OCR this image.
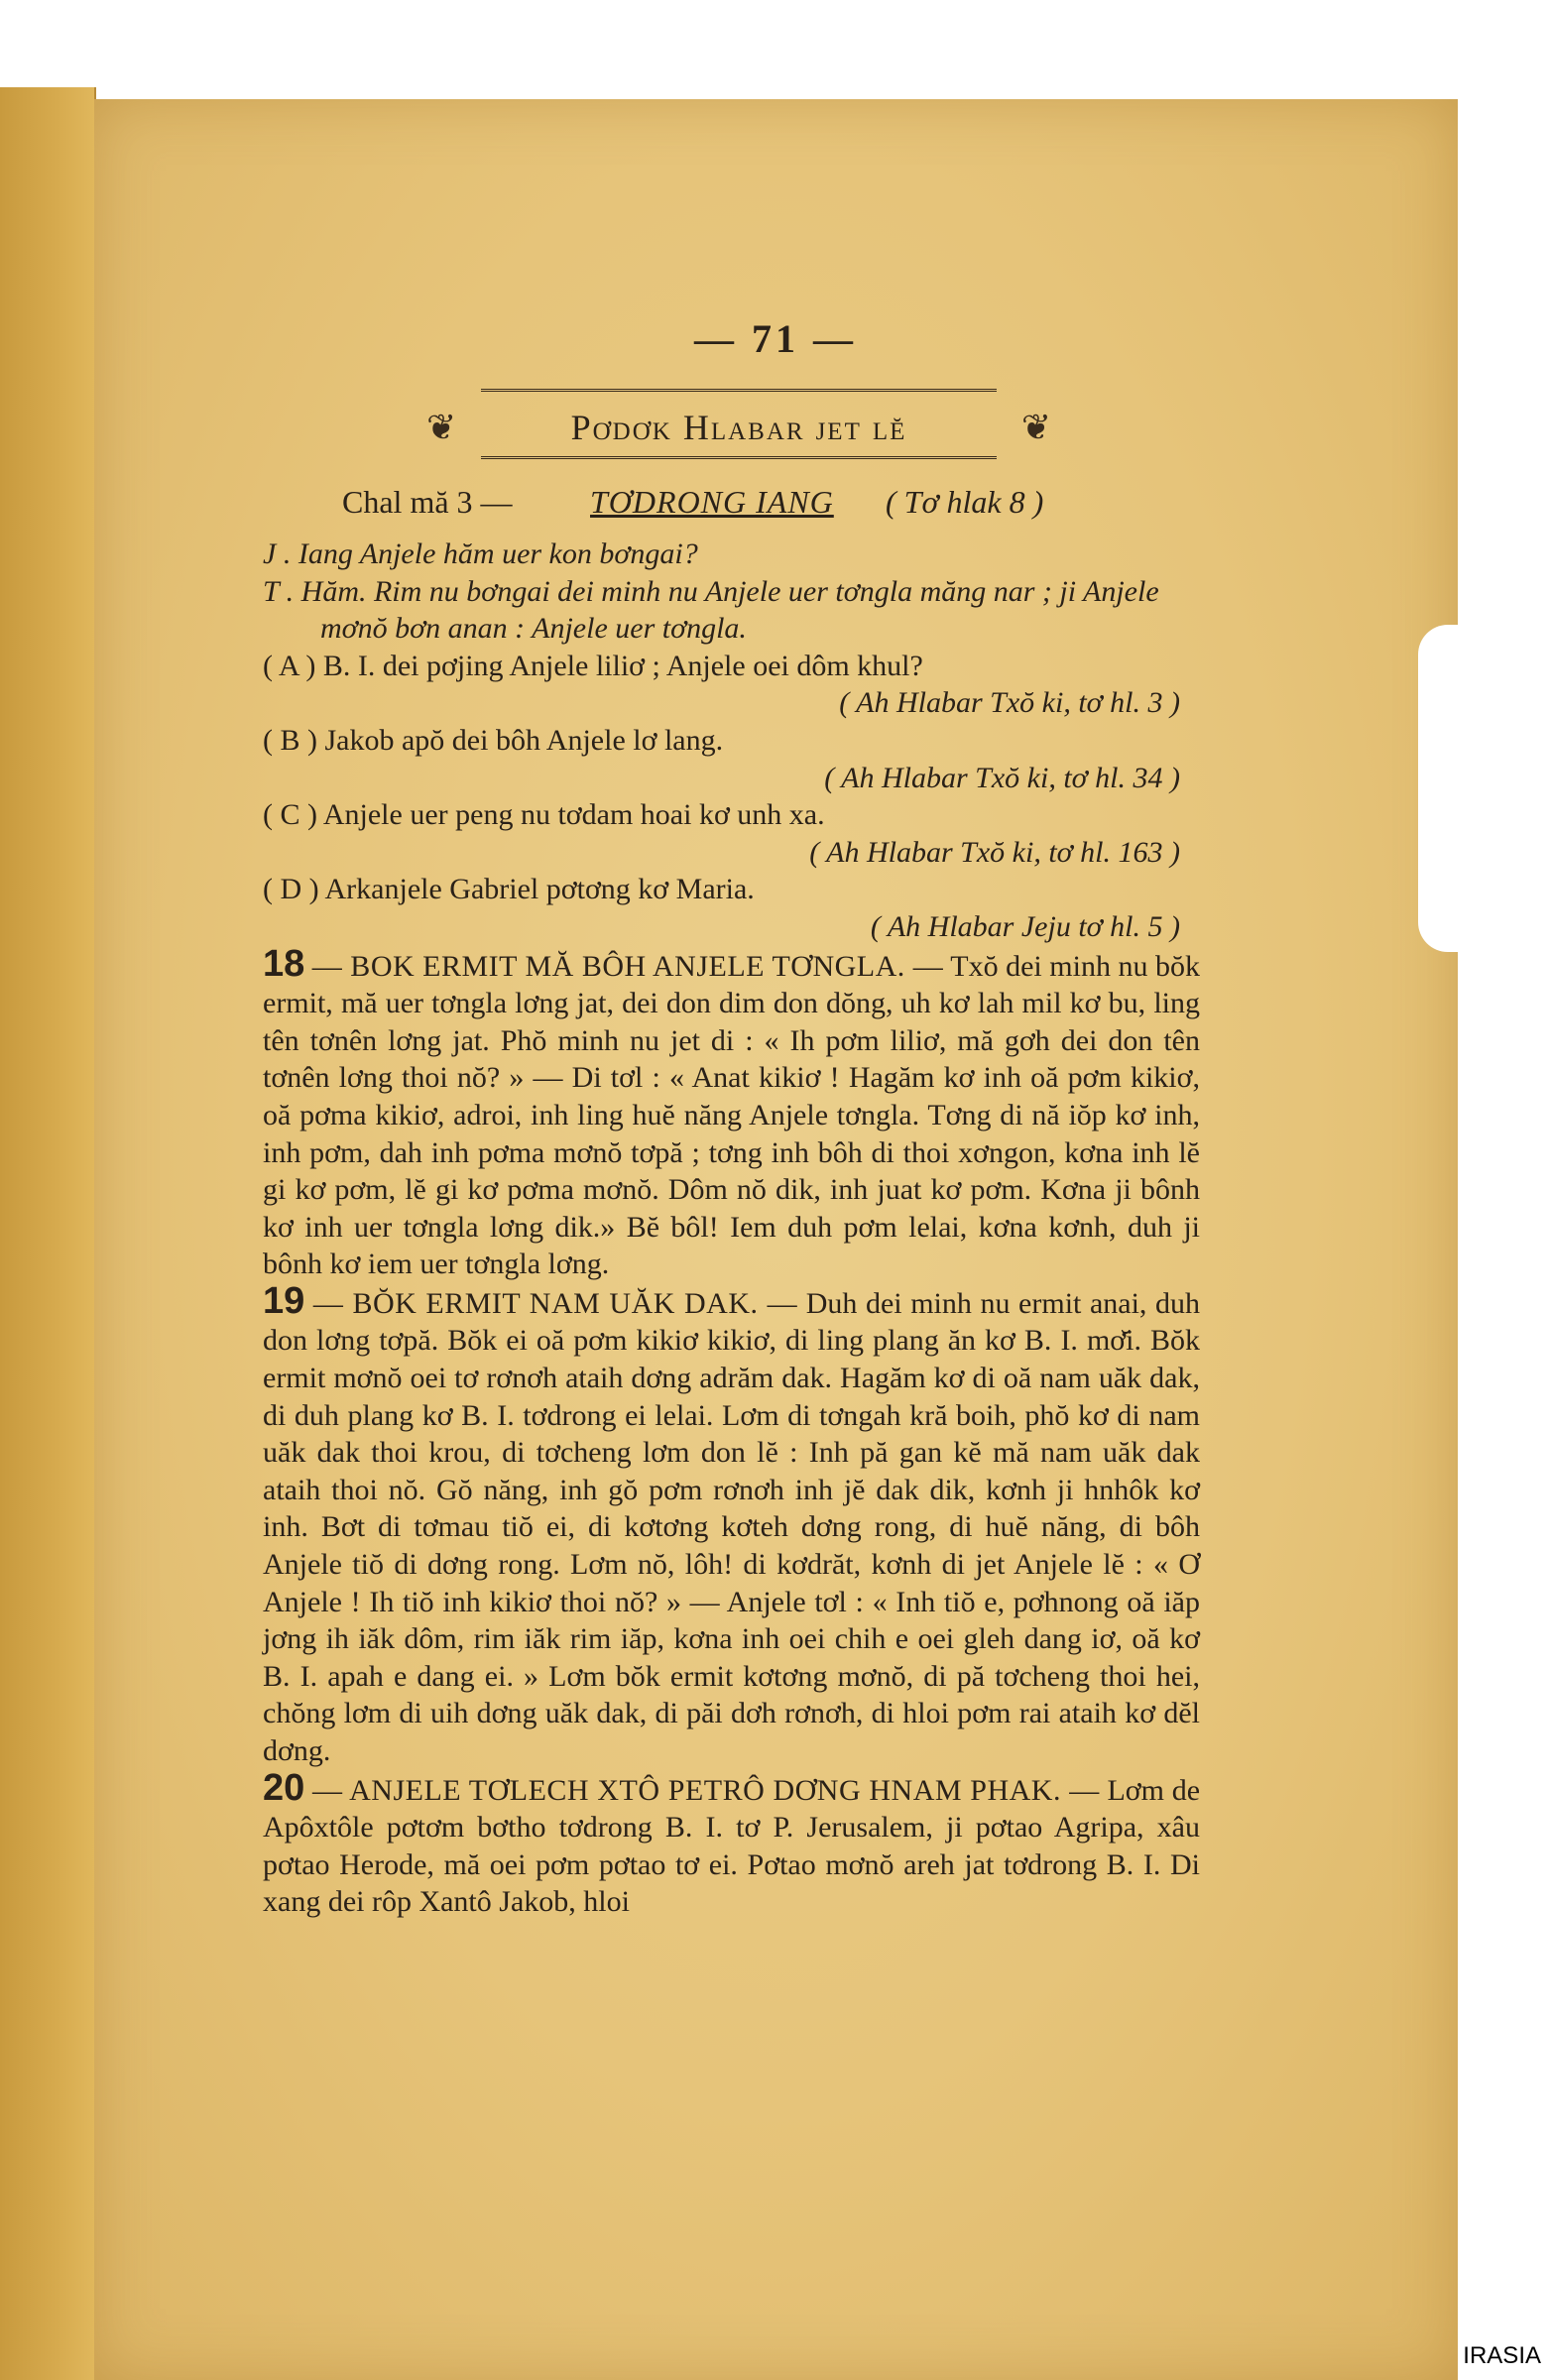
— 71 —
❦	Pơdơk Hlabar jet lĕ	❦
Chal mă 3 — TƠDRONG IANG ( Tơ hlak 8 )

J . Iang Anjele hăm uer kon bơngai?

T . Hăm. Rim nu bơngai dei minh nu Anjele uer tơngla măng nar ; ji Anjele mơnŏ bơn anan : Anjele uer tơngla.

( A ) B. I. dei pơjing Anjele liliơ ; Anjele oei dôm khul?

( Ah Hlabar Txŏ ki, tơ hl. 3 )

( B ) Jakob apŏ dei bôh Anjele lơ lang.

( Ah Hlabar Txŏ ki, tơ hl. 34 )

( C ) Anjele uer peng nu tơdam hoai kơ unh xa.

( Ah Hlabar Txŏ ki, tơ hl. 163 )

( D ) Arkanjele Gabriel pơtơng kơ Maria.

( Ah Hlabar Jeju tơ hl. 5 )

18 — BOK ERMIT MĂ BÔH ANJELE TƠNGLA. — Txŏ dei minh nu bŏk ermit, mă uer tơngla lơng jat, dei don dim don dŏng, uh kơ lah mil kơ bu, ling tên tơnên lơng jat. Phŏ minh nu jet di : « Ih pơm liliơ, mă gơh dei don tên tơnên lơng thoi nŏ? » — Di tơl : « Anat kikiơ ! Hagăm kơ inh oă pơm kikiơ, oă pơma kikiơ, adroi, inh ling huĕ năng Anjele tơngla. Tơng di nă iŏp kơ inh, inh pơm, dah inh pơma mơnŏ tơpă ; tơng inh bôh di thoi xơngon, kơna inh lĕ gi kơ pơm, lĕ gi kơ pơma mơnŏ. Dôm nŏ dik, inh juat kơ pơm. Kơna ji bônh kơ inh uer tơngla lơng dik.» Bĕ bôl! Iem duh pơm lelai, kơna kơnh, duh ji bônh kơ iem uer tơngla lơng.

19 — BŎK ERMIT NAM UĂK DAK. — Duh dei minh nu ermit anai, duh don lơng tơpă. Bŏk ei oă pơm kikiơ kikiơ, di ling plang ăn kơ B. I. mơ̆i. Bŏk ermit mơnŏ oei tơ rơnơh ataih dơng adrăm dak. Hagăm kơ di oă nam uăk dak, di duh plang kơ B. I. tơdrong ei lelai. Lơm di tơngah kră boih, phŏ kơ di nam uăk dak thoi krou, di tơcheng lơm don lĕ : Inh pă gan kĕ mă nam uăk dak ataih thoi nŏ. Gŏ năng, inh gŏ pơm rơnơh inh jĕ dak dik, kơnh ji hnhôk kơ inh. Bơt di tơmau tiŏ ei, di kơtơng kơteh dơng rong, di huĕ năng, di bôh Anjele tiŏ di dơng rong. Lơm nŏ, lôh! di kơdrăt, kơnh di jet Anjele lĕ : « Ơ Anjele ! Ih tiŏ inh kikiơ thoi nŏ? » — Anjele tơl : « Inh tiŏ e, pơhnong oă iăp jơng ih iăk dôm, rim iăk rim iăp, kơna inh oei chih e oei gleh dang iơ, oă kơ B. I. apah e dang ei. » Lơm bŏk ermit kơtơng mơnŏ, di pă tơcheng thoi hei, chŏng lơm di uih dơng uăk dak, di păi dơh rơnơh, di hloi pơm rai ataih kơ dĕl dơng.

20 — ANJELE TƠLECH XTÔ PETRÔ DƠNG HNAM PHAK. — Lơm de Apôxtôle pơtơm bơtho tơdrong B. I. tơ P. Jerusalem, ji pơtao Agripa, xâu pơtao Herode, mă oei pơm pơtao tơ ei. Pơtao mơnŏ areh jat tơdrong B. I. Di xang dei rôp Xantô Jakob, hloi

IRASIA
